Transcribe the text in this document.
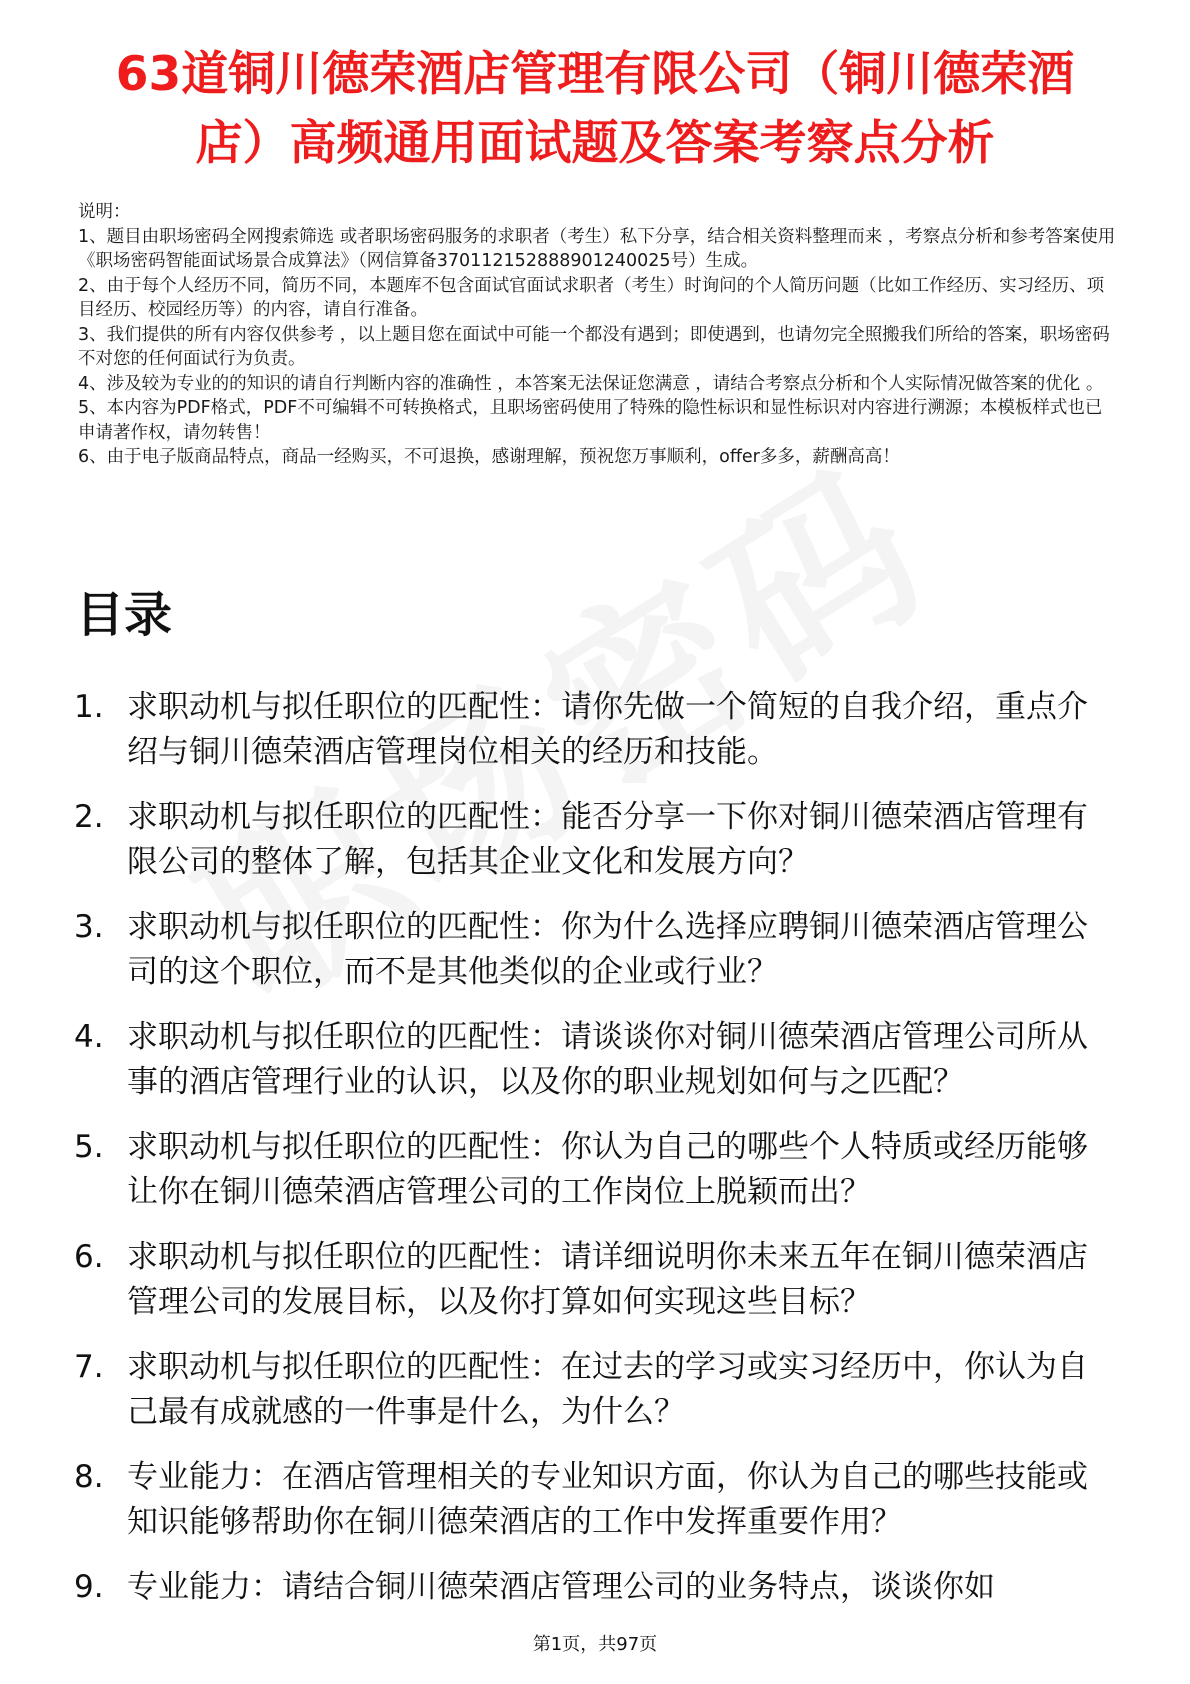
63道铜川德荣酒店管理有限公司（铜川德荣酒店）高频通用面试题及答案考察点分析

说明：

1、题目由职场密码全网搜索筛选 或者职场密码服务的求职者（考生）私下分享，结合相关资料整理而来 ，考察点分析和参考答案使用《职场密码智能面试场景合成算法》（网信算备370112152888901240025号）生成。

2、由于每个人经历不同，简历不同，本题库不包含面试官面试求职者（考生）时询问的个人简历问题（比如工作经历、实习经历、项目经历、校园经历等）的内容，请自行准备。

3、我们提供的所有内容仅供参考 ，以上题目您在面试中可能一个都没有遇到；即使遇到，也请勿完全照搬我们所给的答案，职场密码不对您的任何面试行为负责。

4、涉及较为专业的的知识的请自行判断内容的准确性 ，本答案无法保证您满意 ，请结合考察点分析和个人实际情况做答案的优化 。

5、本内容为PDF格式，PDF不可编辑不可转换格式，且职场密码使用了特殊的隐性标识和显性标识对内容进行溯源；本模板样式也已申请著作权，请勿转售！

6、由于电子版商品特点，商品一经购买，不可退换，感谢理解，预祝您万事顺利，offer多多，薪酬高高！

目录
1. 求职动机与拟任职位的匹配性：请你先做一个简短的自我介绍，重点介绍与铜川德荣酒店管理岗位相关的经历和技能。
2. 求职动机与拟任职位的匹配性：能否分享一下你对铜川德荣酒店管理有限公司的整体了解，包括其企业文化和发展方向？
3. 求职动机与拟任职位的匹配性：你为什么选择应聘铜川德荣酒店管理公司的这个职位，而不是其他类似的企业或行业？
4. 求职动机与拟任职位的匹配性：请谈谈你对铜川德荣酒店管理公司所从事的酒店管理行业的认识，以及你的职业规划如何与之匹配？
5. 求职动机与拟任职位的匹配性：你认为自己的哪些个人特质或经历能够让你在铜川德荣酒店管理公司的工作岗位上脱颖而出？
6. 求职动机与拟任职位的匹配性：请详细说明你未来五年在铜川德荣酒店管理公司的发展目标，以及你打算如何实现这些目标？
7. 求职动机与拟任职位的匹配性：在过去的学习或实习经历中，你认为自己最有成就感的一件事是什么，为什么？
8. 专业能力：在酒店管理相关的专业知识方面，你认为自己的哪些技能或知识能够帮助你在铜川德荣酒店的工作中发挥重要作用？
9. 专业能力：请结合铜川德荣酒店管理公司的业务特点，谈谈你如
第1页，共97页
